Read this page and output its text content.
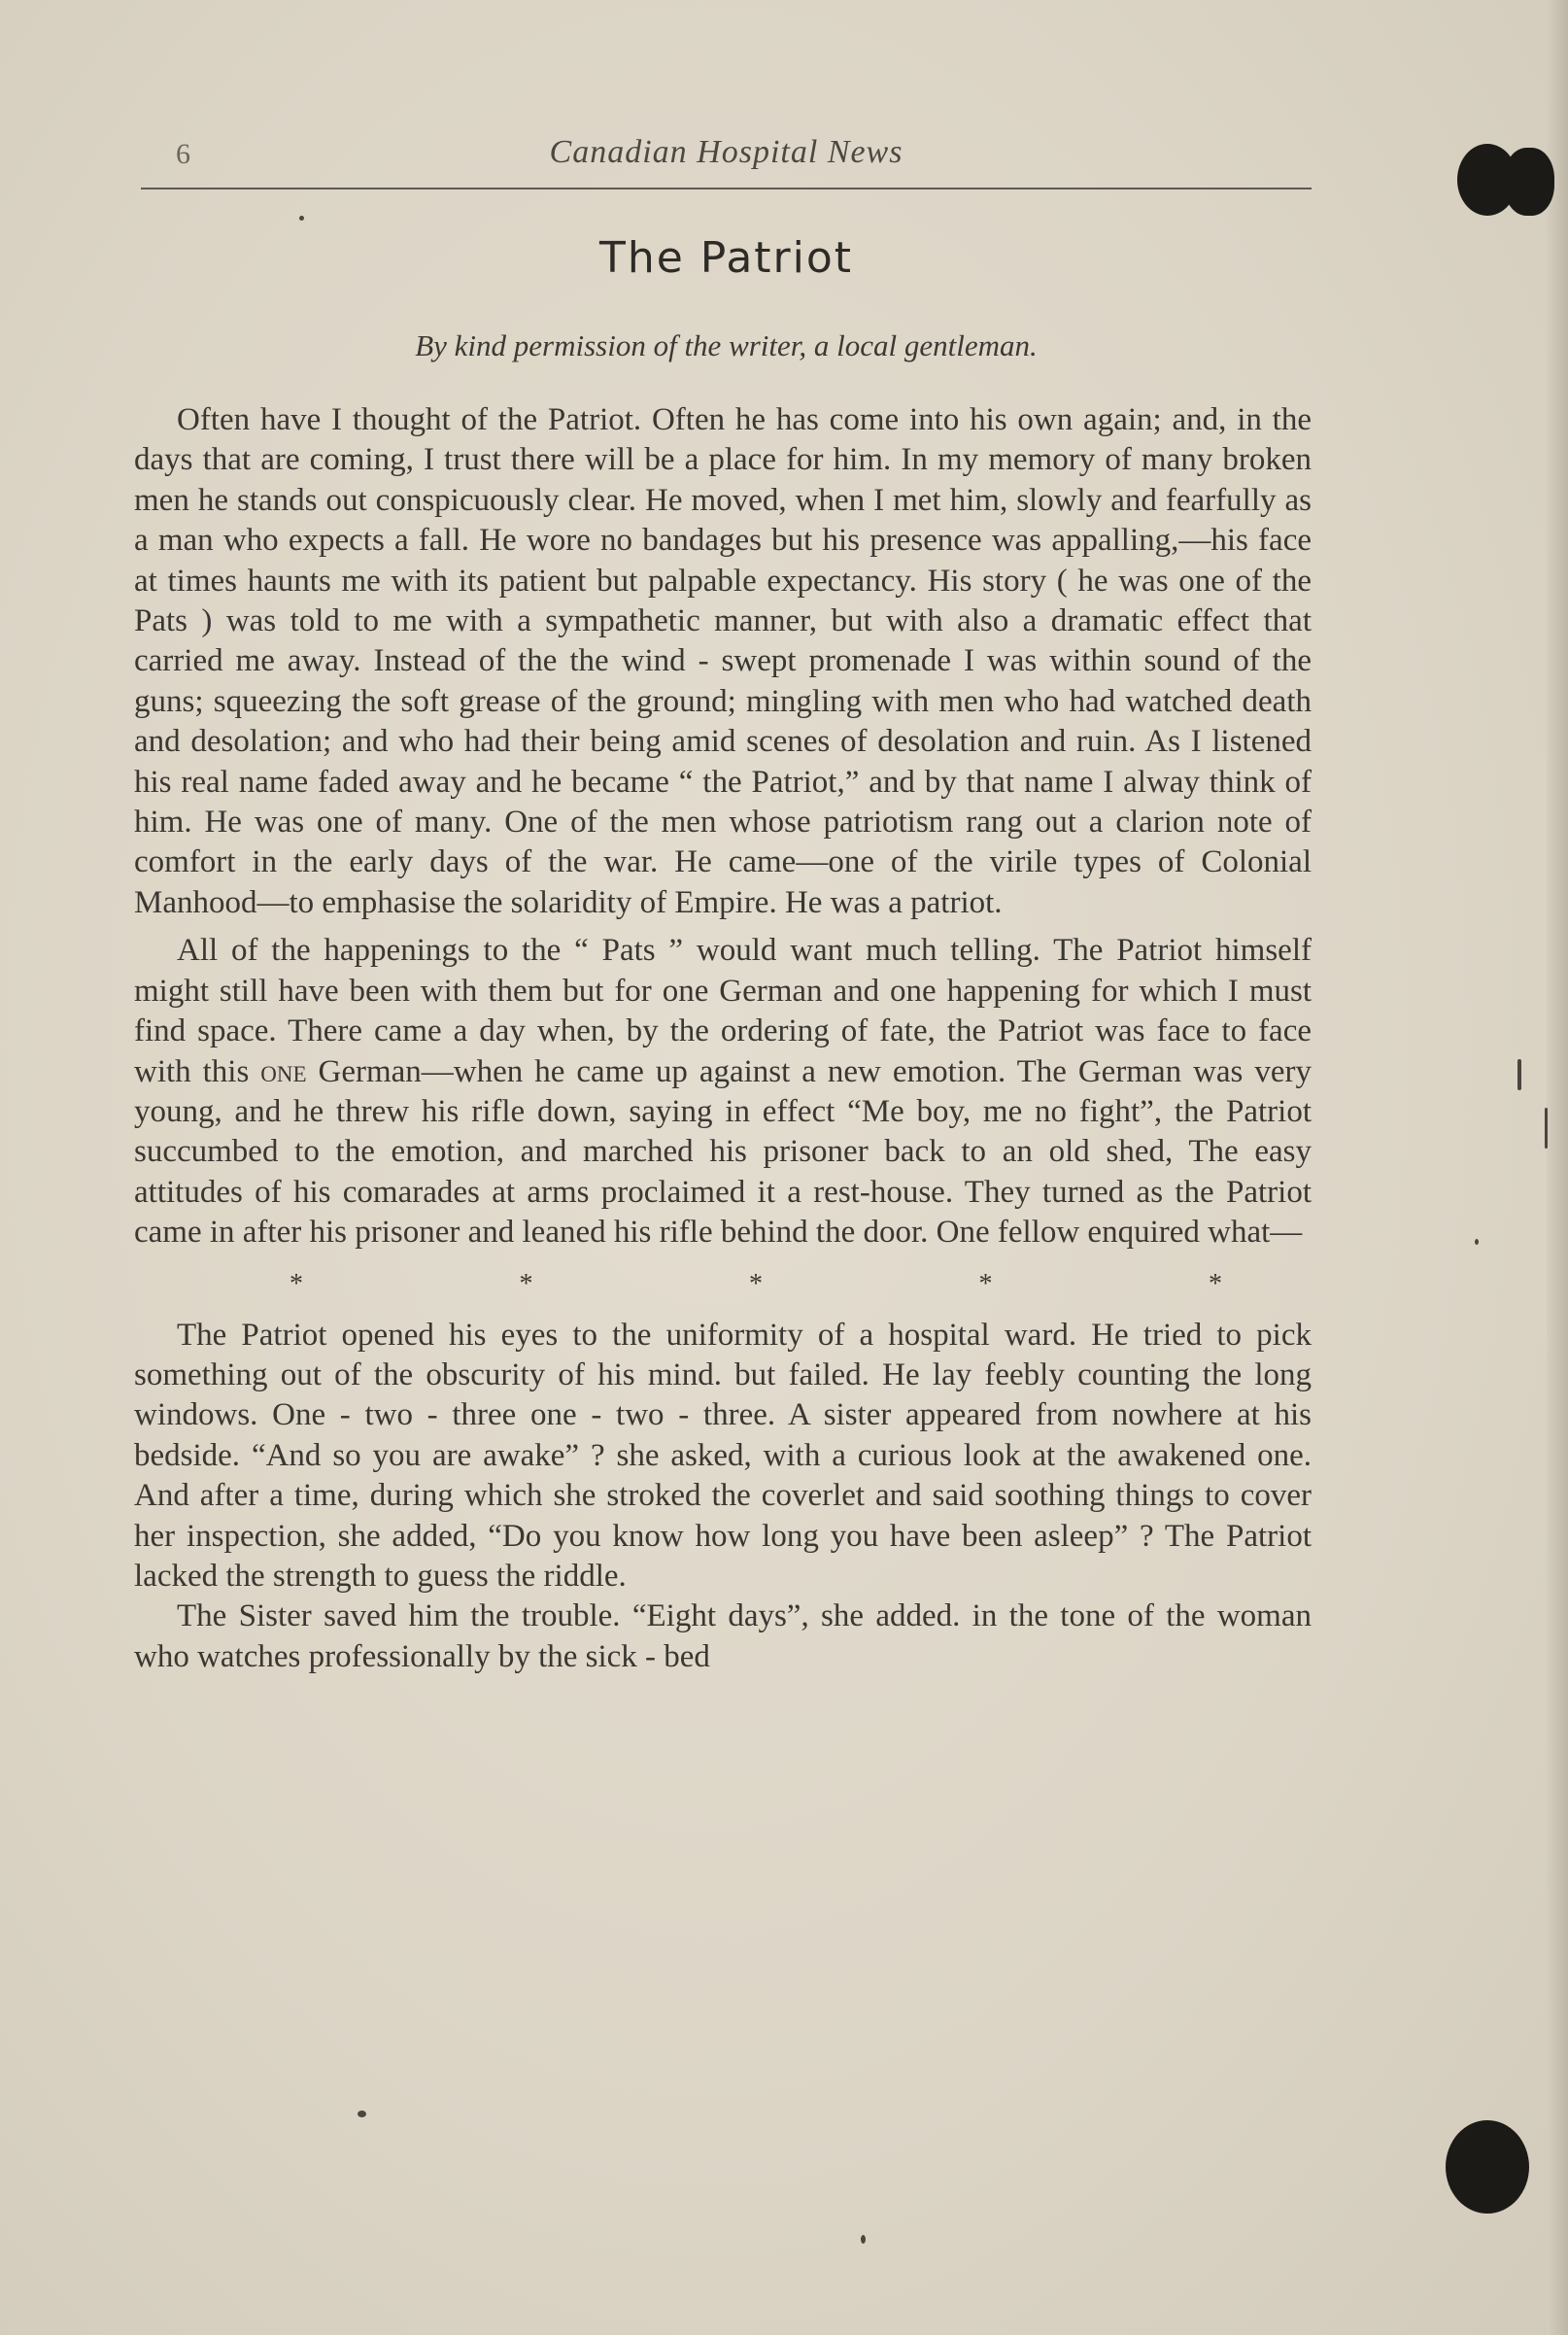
6	Canadian Hospital News
The Patriot
By kind permission of the writer, a local gentleman.

Often have I thought of the Patriot. Often he has come into his own again; and, in the days that are coming, I trust there will be a place for him. In my memory of many broken men he stands out conspicuously clear. He moved, when I met him, slowly and fearfully as a man who expects a fall. He wore no bandages but his presence was appalling,—his face at times haunts me with its patient but palpable expectancy. His story ( he was one of the Pats ) was told to me with a sympathetic manner, but with also a dramatic effect that carried me away. Instead of the the wind - swept promenade I was within sound of the guns; squeezing the soft grease of the ground; mingling with men who had watched death and desolation; and who had their being amid scenes of desolation and ruin. As I listened his real name faded away and he became “ the Patriot,” and by that name I alway think of him. He was one of many. One of the men whose patriotism rang out a clarion note of comfort in the early days of the war. He came—one of the virile types of Colonial Manhood—to emphasise the solaridity of Empire. He was a patriot.

All of the happenings to the “ Pats ” would want much telling. The Patriot himself might still have been with them but for one German and one happening for which I must find space. There came a day when, by the ordering of fate, the Patriot was face to face with this one German—when he came up against a new emotion. The German was very young, and he threw his rifle down, saying in effect “Me boy, me no fight”, the Patriot succumbed to the emotion, and marched his prisoner back to an old shed, The easy attitudes of his comarades at arms proclaimed it a rest-house. They turned as the Patriot came in after his prisoner and leaned his rifle behind the door. One fellow enquired what—

*	*	*	*	*

The Patriot opened his eyes to the uniformity of a hospital ward. He tried to pick something out of the obscurity of his mind. but failed. He lay feebly counting the long windows. One - two - three one - two - three. A sister appeared from nowhere at his bedside. “And so you are awake” ? she asked, with a curious look at the awakened one. And after a time, during which she stroked the coverlet and said soothing things to cover her inspection, she added, “Do you know how long you have been asleep” ? The Patriot lacked the strength to guess the riddle.

The Sister saved him the trouble. “Eight days”, she added. in the tone of the woman who watches professionally by the sick - bed
